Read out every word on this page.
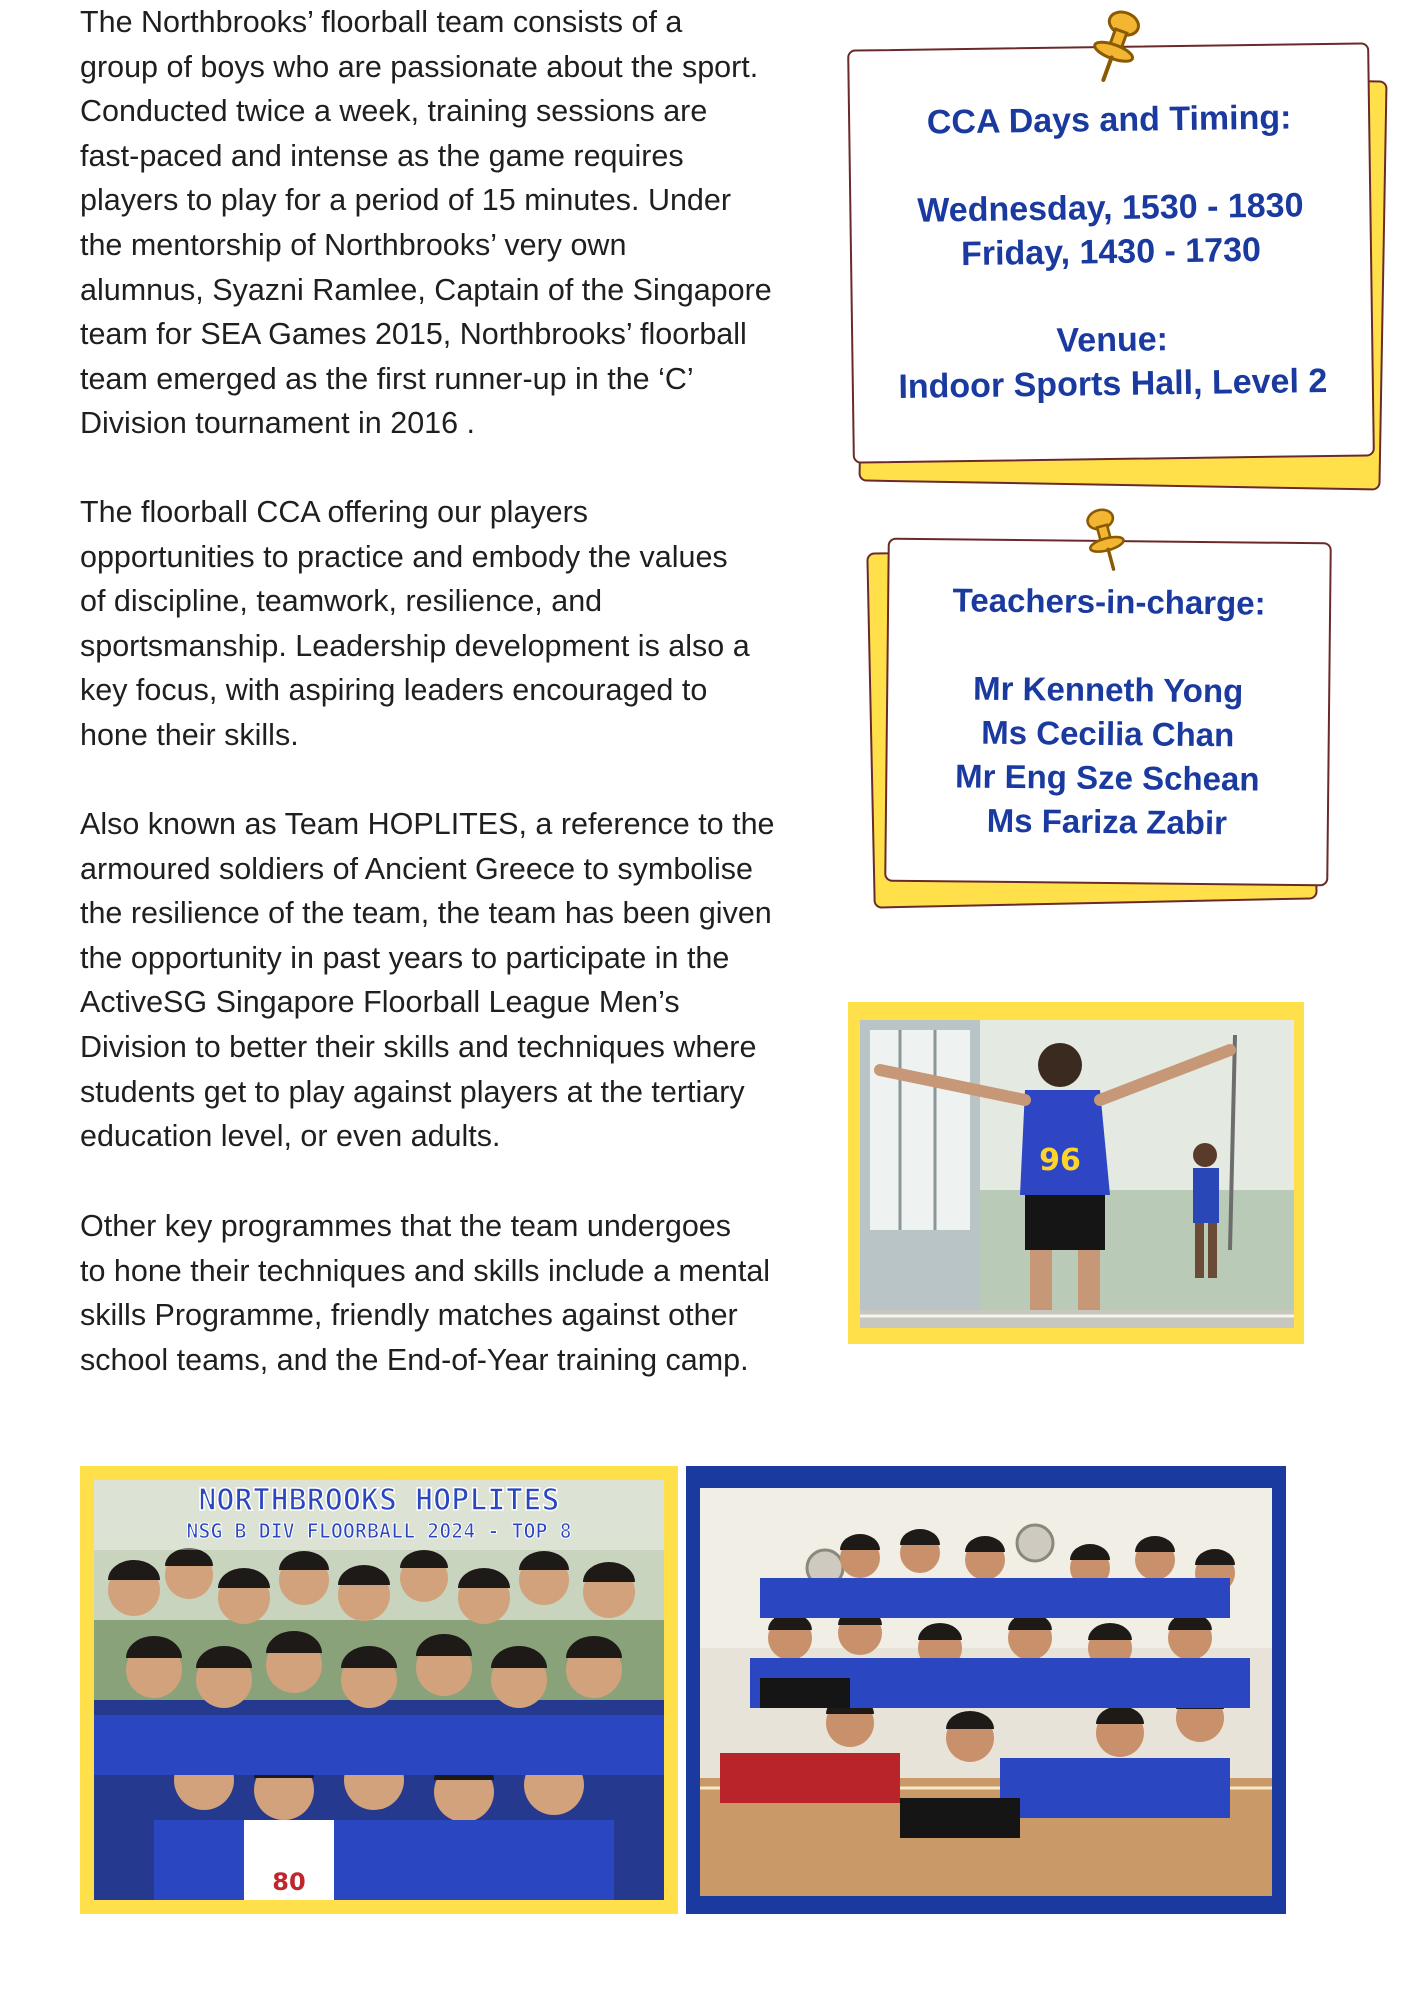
The Northbrooks’ floorball team consists of a
group of boys who are passionate about the sport.
Conducted twice a week, training sessions are
fast-paced and intense as the game requires
players to play for a period of 15 minutes. Under
the mentorship of Northbrooks’ very own
alumnus, Syazni Ramlee, Captain of the Singapore
team for SEA Games 2015, Northbrooks’ floorball
team emerged as the first runner-up in the ‘C’
Division tournament in 2016 .

The floorball CCA offering our players
opportunities to practice and embody the values
of discipline, teamwork, resilience, and
sportsmanship. Leadership development is also a
key focus, with aspiring leaders encouraged to
hone their skills.

Also known as Team HOPLITES, a reference to the
armoured soldiers of Ancient Greece to symbolise
the resilience of the team, the team has been given
the opportunity in past years to participate in the
ActiveSG Singapore Floorball League Men’s
Division to better their skills and techniques where
students get to play against players at the tertiary
education level, or even adults.

Other key programmes that the team undergoes
to hone their techniques and skills include a mental
skills Programme, friendly matches against other
school teams, and the End-of-Year training camp.

CCA Days and Timing:
Wednesday, 1530 - 1830
Friday, 1430 - 1730
Venue:
Indoor Sports Hall, Level 2
Teachers-in-charge:
Mr Kenneth Yong
Ms Cecilia Chan
Mr Eng Sze Schean
Ms Fariza Zabir
96
80
NORTHBROOKS HOPLITES
NSG B DIV FLOORBALL 2024 - TOP 8
